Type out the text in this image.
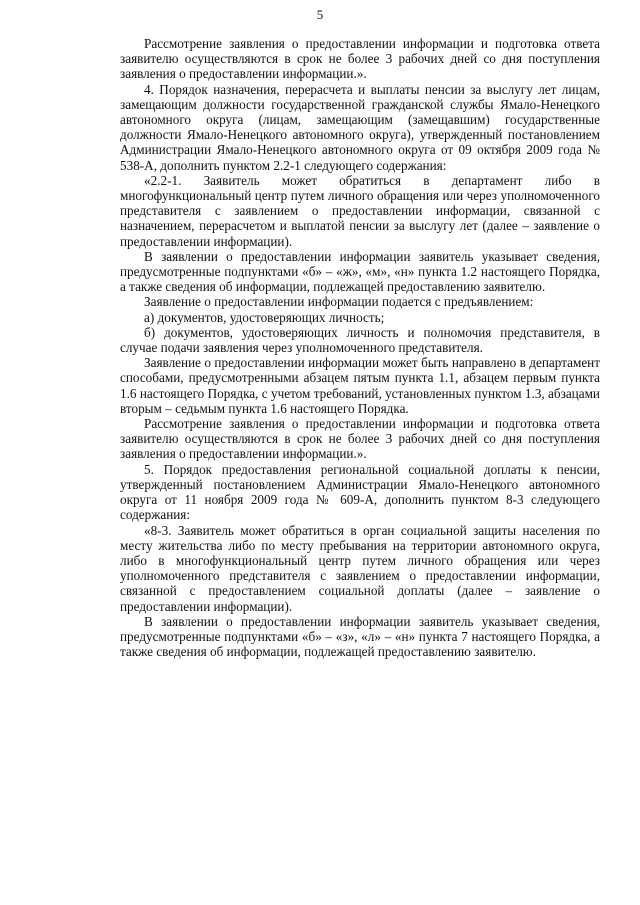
5

Рассмотрение заявления о предоставлении информации и подготовка ответа заявителю осуществляются в срок не более 3 рабочих дней со дня поступления заявления о предоставлении информации.».

4. Порядок назначения, перерасчета и выплаты пенсии за выслугу лет лицам, замещающим должности государственной гражданской службы Ямало-Ненецкого автономного округа (лицам, замещающим (замещавшим) государственные должности Ямало-Ненецкого автономного округа), утвержденный постановлением Администрации Ямало-Ненецкого автономного округа от 09 октября 2009 года № 538-А, дополнить пунктом 2.2-1 следующего содержания:

«2.2-1. Заявитель может обратиться в департамент либо в многофункциональный центр путем личного обращения или через уполномоченного представителя с заявлением о предоставлении информации, связанной с назначением, перерасчетом и выплатой пенсии за выслугу лет (далее – заявление о предоставлении информации).

В заявлении о предоставлении информации заявитель указывает сведения, предусмотренные подпунктами «б» – «ж», «м», «н» пункта 1.2 настоящего Порядка, а также сведения об информации, подлежащей предоставлению заявителю.

Заявление о предоставлении информации подается с предъявлением:

а) документов, удостоверяющих личность;

б) документов, удостоверяющих личность и полномочия представителя, в случае подачи заявления через уполномоченного представителя.

Заявление о предоставлении информации может быть направлено в департамент способами, предусмотренными абзацем пятым пункта 1.1, абзацем первым пункта 1.6 настоящего Порядка, с учетом требований, установленных пунктом 1.3, абзацами вторым – седьмым пункта 1.6 настоящего Порядка.

Рассмотрение заявления о предоставлении информации и подготовка ответа заявителю осуществляются в срок не более 3 рабочих дней со дня поступления заявления о предоставлении информации.».

5. Порядок предоставления региональной социальной доплаты к пенсии, утвержденный постановлением Администрации Ямало-Ненецкого автономного округа от 11 ноября 2009 года № 609-А, дополнить пунктом 8-3 следующего содержания:

«8-3. Заявитель может обратиться в орган социальной защиты населения по месту жительства либо по месту пребывания на территории автономного округа, либо в многофункциональный центр путем личного обращения или через уполномоченного представителя с заявлением о предоставлении информации, связанной с предоставлением социальной доплаты (далее – заявление о предоставлении информации).

В заявлении о предоставлении информации заявитель указывает сведения, предусмотренные подпунктами «б» – «з», «л» – «н» пункта 7 настоящего Порядка, а также сведения об информации, подлежащей предоставлению заявителю.
